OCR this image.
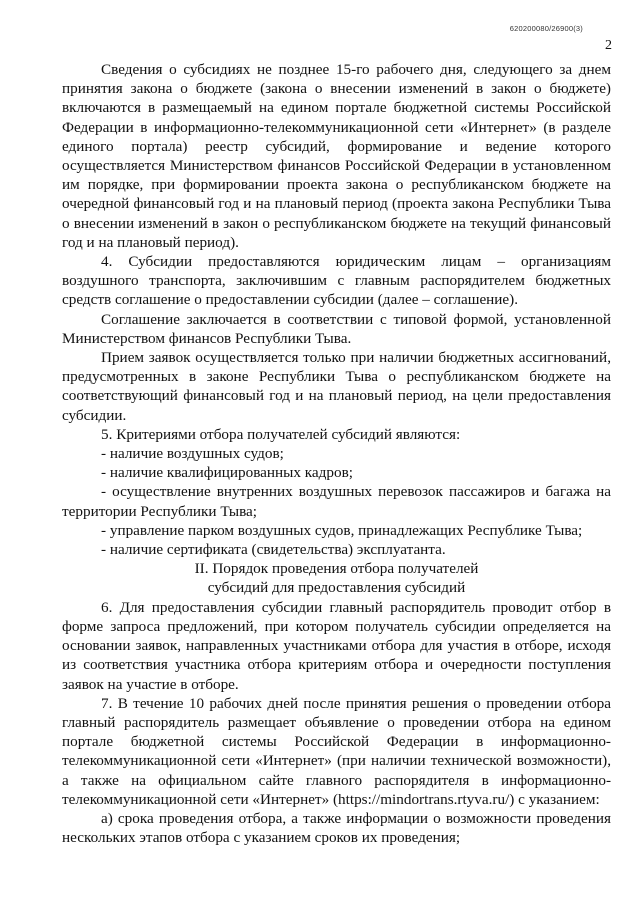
620200080/26900(3)
2

Сведения о субсидиях не позднее 15-го рабочего дня, следующего за днем принятия закона о бюджете (закона о внесении изменений в закон о бюджете) включаются в размещаемый на едином портале бюджетной системы Российской Федерации в информационно-телекоммуникационной сети «Интернет» (в разделе единого портала) реестр субсидий, формирование и ведение которого осуществляется Министерством финансов Российской Федерации в установленном им порядке, при формировании проекта закона о республиканском бюджете на очередной финансовый год и на плановый период (проекта закона Республики Тыва о внесении изменений в закон о республиканском бюджете на текущий финансовый год и на плановый период).

4. Субсидии предоставляются юридическим лицам – организациям воздушного транспорта, заключившим с главным распорядителем бюджетных средств соглашение о предоставлении субсидии (далее – соглашение).

Соглашение заключается в соответствии с типовой формой, установленной Министерством финансов Республики Тыва.

Прием заявок осуществляется только при наличии бюджетных ассигнований, предусмотренных в законе Республики Тыва о республиканском бюджете на соответствующий финансовый год и на плановый период, на цели предоставления субсидии.

5. Критериями отбора получателей субсидий являются:

- наличие воздушных судов;

- наличие квалифицированных кадров;

- осуществление внутренних воздушных перевозок пассажиров и багажа на территории Республики Тыва;

- управление парком воздушных судов, принадлежащих Республике Тыва;

- наличие сертификата (свидетельства) эксплуатанта.

II. Порядок проведения отбора получателей

субсидий для предоставления субсидий

6. Для предоставления субсидии главный распорядитель проводит отбор в форме запроса предложений, при котором получатель субсидии определяется на основании заявок, направленных участниками отбора для участия в отборе, исходя из соответствия участника отбора критериям отбора и очередности поступления заявок на участие в отборе.

7. В течение 10 рабочих дней после принятия решения о проведении отбора главный распорядитель размещает объявление о проведении отбора на едином портале бюджетной системы Российской Федерации в информационно-телекоммуникационной сети «Интернет» (при наличии технической возможности), а также на официальном сайте главного распорядителя в информационно-телекоммуникационной сети «Интернет» (https://mindortrans.rtyva.ru/) с указанием:

а) срока проведения отбора, а также информации о возможности проведения нескольких этапов отбора с указанием сроков их проведения;
